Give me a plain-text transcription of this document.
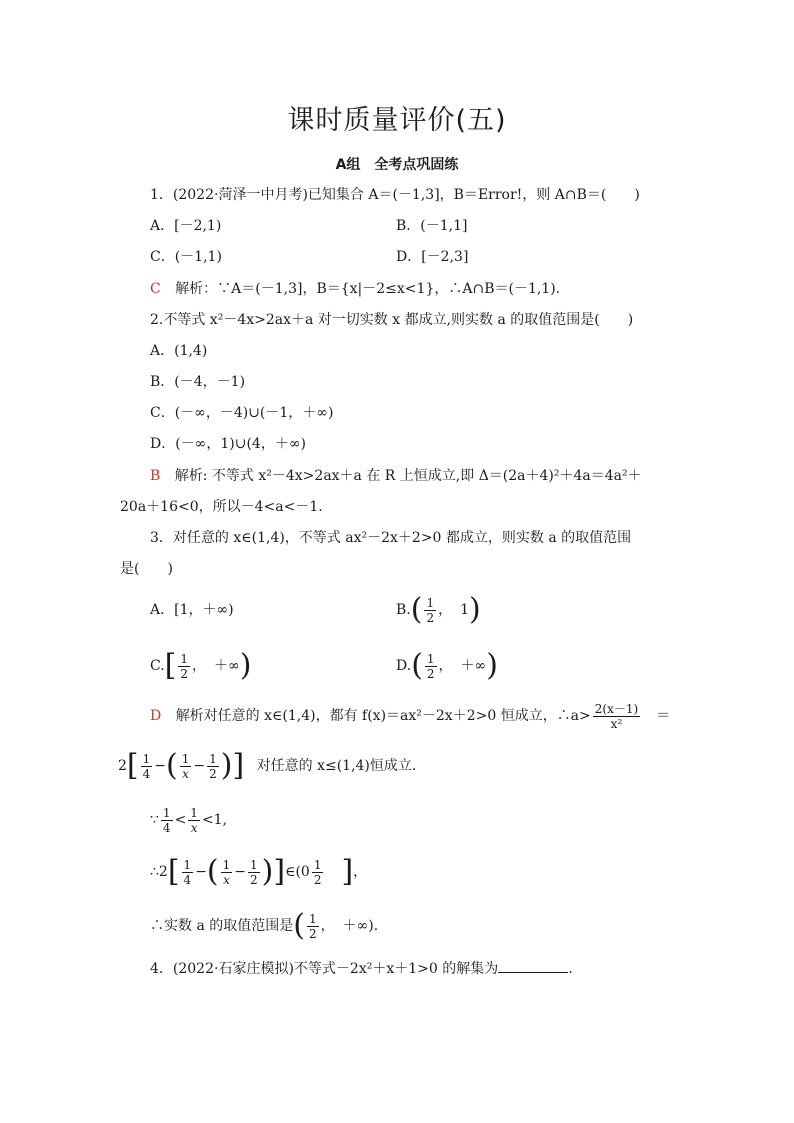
课时质量评价(五)
A组　全考点巩固练
1．(2022·菏泽一中月考)已知集合 A＝(－1,3]，B＝Error!，则 A∩B＝(　　)
A．[－2,1)	B．(－1,1]
C．(－1,1)	D．[－2,3]
C 解析：∵A＝(－1,3]，B＝{x|－2≤x<1}，∴A∩B＝(－1,1).
2.不等式 x²－4x>2ax＋a 对一切实数 x 都成立,则实数 a 的取值范围是(　　)
A．(1,4)
B．(－4，－1)
C．(－∞，－4)∪(－1，＋∞)
D．(－∞，1)∪(4，＋∞)
B 解析: 不等式 x²－4x>2ax＋a 在 R 上恒成立,即 Δ＝(2a＋4)²＋4a＝4a²＋
20a＋16<0，所以－4<a<－1.
3．对任意的 x∈(1,4)，不等式 ax²－2x＋2>0 都成立，则实数 a 的取值范围
是(　　)
A．[1，＋∞)	$B.( \frac{1}{2}$ ， 1)
$C.[ \frac{1}{2}$ ， ＋∞)	$D.( \frac{1}{2}$ ， ＋∞)
D 解析对任意的 x∈(1,4)，都有 f(x)＝ax²－2x＋2>0 恒成立，∴a> $\frac{2(x-1)}{\text{x²}}$ ＝
$2[ \frac{1}{4}$ −( $\frac{1}{x} - \frac{1}{2}$ )] 对任意的 x≤(1,4)恒成立.
∵ $\frac{1}{4} < \frac{1}{x} <1$,
∴2[ $\frac{1}{4}$ −( $\frac{1}{x} - \frac{1}{2}$ )]∈(0 $\frac{1}{2}$ ]，
∴实数 a 的取值范围是( $\frac{1}{2}$ ， ＋∞).
4．(2022·石家庄模拟)不等式－2x²＋x＋1>0 的解集为	.
